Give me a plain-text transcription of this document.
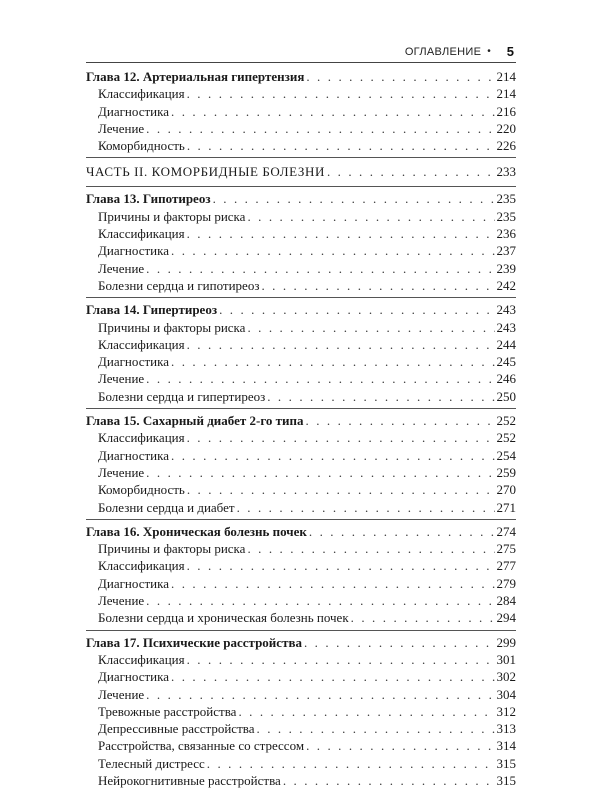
ОГЛАВЛЕНИЕ • 5
Глава 12. Артериальная гипертензия . . .	214
Классификация . . .	214
Диагностика . . .	216
Лечение . . .	220
Коморбидность . . .	226
ЧАСТЬ II. КОМОРБИДНЫЕ БОЛЕЗНИ . . .	233
Глава 13. Гипотиреоз . . .	235
Причины и факторы риска . . .	235
Классификация . . .	236
Диагностика . . .	237
Лечение . . .	239
Болезни сердца и гипотиреоз . . .	242
Глава 14. Гипертиреоз . . .	243
Причины и факторы риска . . .	243
Классификация . . .	244
Диагностика . . .	245
Лечение . . .	246
Болезни сердца и гипертиреоз . . .	250
Глава 15. Сахарный диабет 2-го типа . . .	252
Классификация . . .	252
Диагностика . . .	254
Лечение . . .	259
Коморбидность . . .	270
Болезни сердца и диабет . . .	271
Глава 16. Хроническая болезнь почек . . .	274
Причины и факторы риска . . .	275
Классификация . . .	277
Диагностика . . .	279
Лечение . . .	284
Болезни сердца и хроническая болезнь почек . . .	294
Глава 17. Психические расстройства . . .	299
Классификация . . .	301
Диагностика . . .	302
Лечение . . .	304
Тревожные расстройства . . .	312
Депрессивные расстройства . . .	313
Расстройства, связанные со стрессом . . .	314
Телесный дистресс . . .	315
Нейрокогнитивные расстройства . . .	315
